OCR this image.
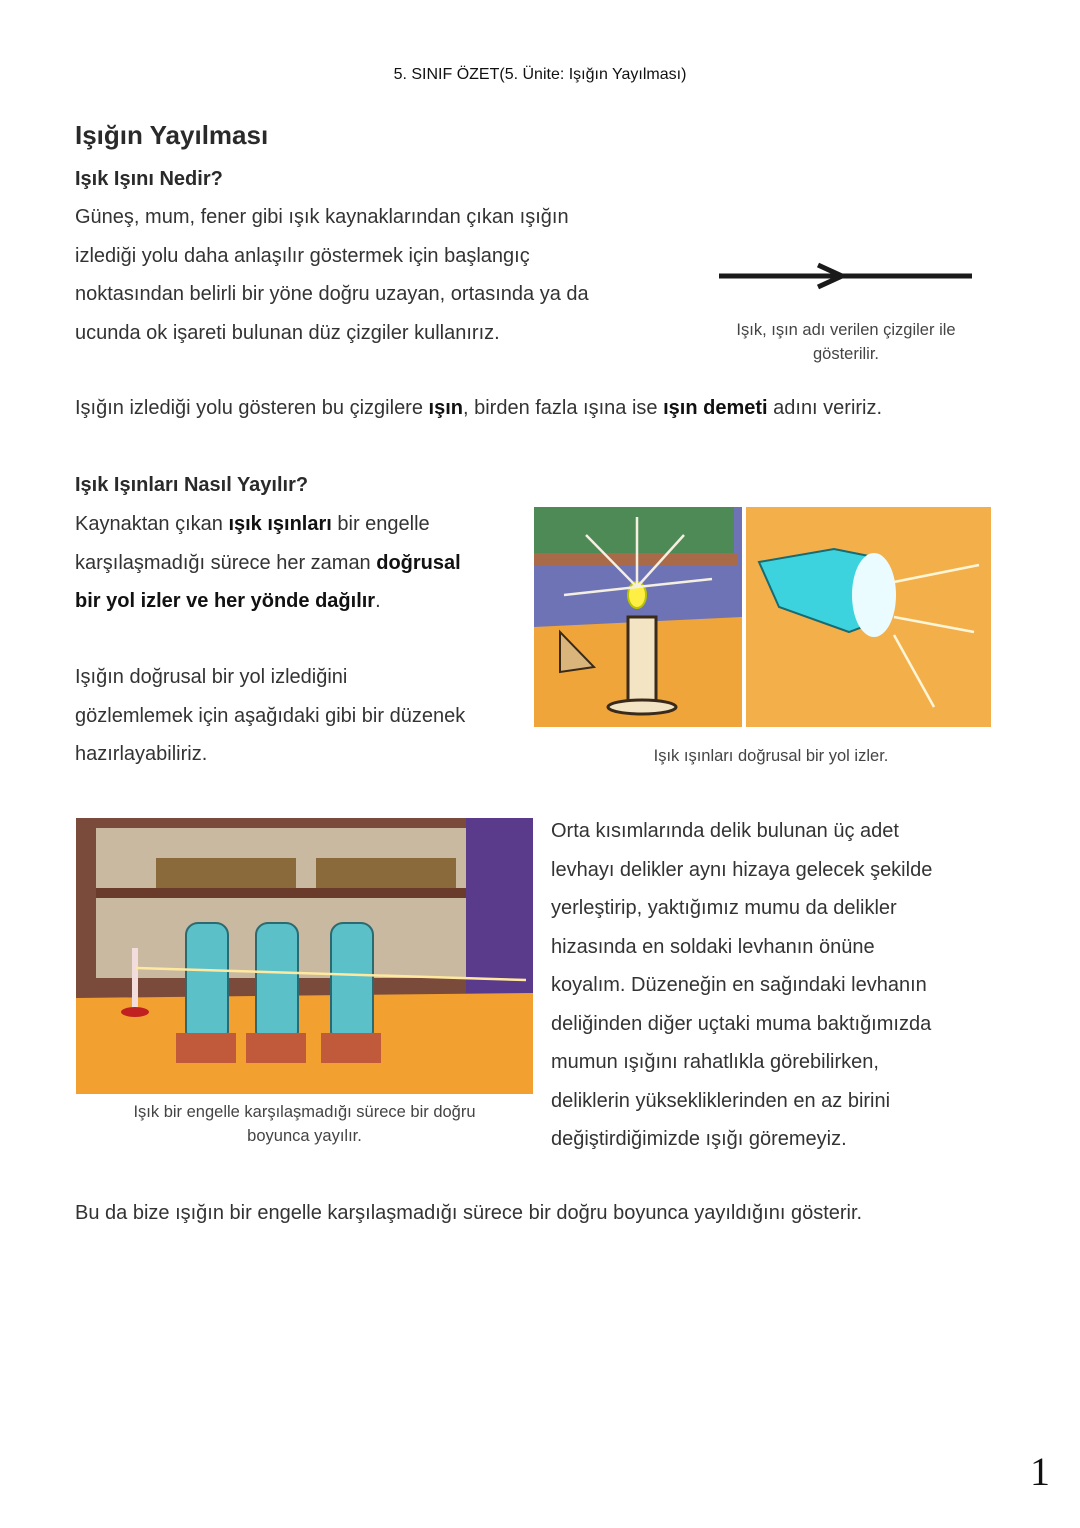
5. SINIF ÖZET(5. Ünite: Işığın Yayılması)
Işığın Yayılması
Işık Işını Nedir?
Güneş, mum, fener gibi ışık kaynaklarından çıkan ışığın
izlediği yolu daha anlaşılır göstermek için başlangıç
noktasından belirli bir yöne doğru uzayan, ortasında ya da
ucunda ok işareti bulunan düz çizgiler kullanırız.	Işık, ışın adı verilen çizgiler ile
gösterilir.
Işığın izlediği yolu gösteren bu çizgilere ışın, birden fazla ışına ise ışın demeti adını veririz.
Işık Işınları Nasıl Yayılır?
Kaynaktan çıkan ışık ışınları bir engelle
karşılaşmadığı sürece her zaman doğrusal
bir yol izler ve her yönde dağılır.
Işığın doğrusal bir yol izlediğini
gözlemlemek için aşağıdaki gibi bir düzenek
hazırlayabiliriz.	Işık ışınları doğrusal bir yol izler.
Işık bir engelle karşılaşmadığı sürece bir doğru
boyunca yayılır.
Orta kısımlarında delik bulunan üç adet
levhayı delikler aynı hizaya gelecek şekilde
yerleştirip, yaktığımız mumu da delikler
hizasında en soldaki levhanın önüne
koyalım. Düzeneğin en sağındaki levhanın
deliğinden diğer uçtaki muma baktığımızda
mumun ışığını rahatlıkla görebilirken,
deliklerin yüksekliklerinden en az birini
değiştirdiğimizde ışığı göremeyiz.
Bu da bize ışığın bir engelle karşılaşmadığı sürece bir doğru boyunca yayıldığını gösterir.
1
